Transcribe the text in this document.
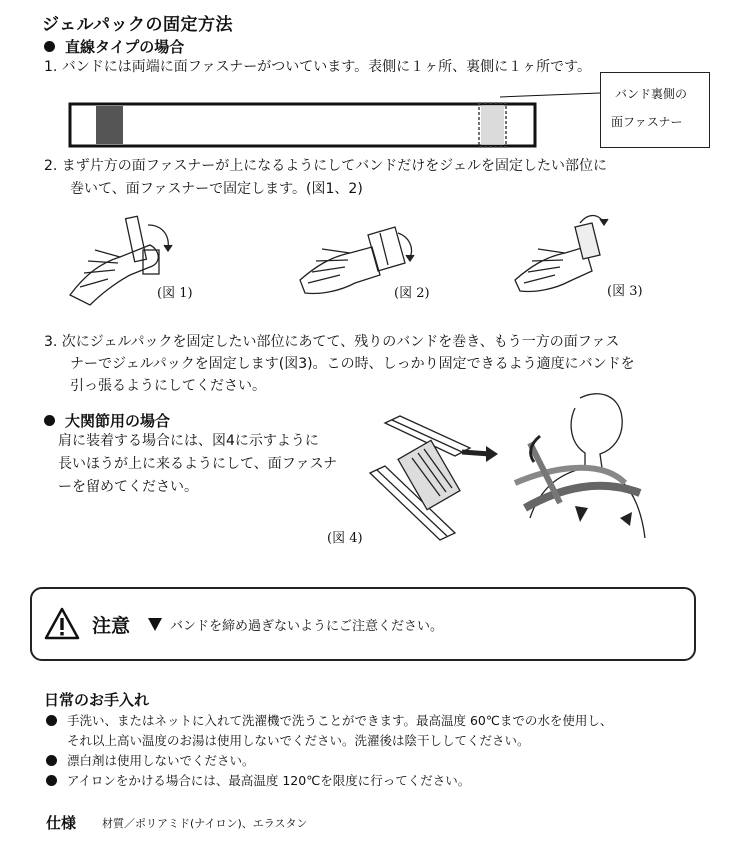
ジェルパックの固定方法
直線タイプの場合
1. バンドには両端に面ファスナーがついています。表側に１ヶ所、裏側に１ヶ所です。
バンド裏側の
面ファスナー
2. まず片方の面ファスナーが上になるようにしてバンドだけをジェルを固定したい部位に
巻いて、面ファスナーで固定します。(図1、2)
(図 1)	(図 2)	(図 3)
3. 次にジェルパックを固定したい部位にあてて、残りのバンドを巻き、もう一方の面ファス
ナーでジェルパックを固定します(図3)。この時、しっかり固定できるよう適度にバンドを
引っ張るようにしてください。
大関節用の場合
肩に装着する場合には、図4に示すように
長いほうが上に来るようにして、面ファスナ
ーを留めてください。
(図 4)
注意	バンドを締め過ぎないようにご注意ください。
日常のお手入れ
手洗い、またはネットに入れて洗濯機で洗うことができます。最高温度 60℃までの水を使用し、
それ以上高い温度のお湯は使用しないでください。洗濯後は陰干ししてください。
漂白剤は使用しないでください。
アイロンをかける場合には、最高温度 120℃を限度に行ってください。
仕様 材質／ポリアミド(ナイロン)、エラスタン
